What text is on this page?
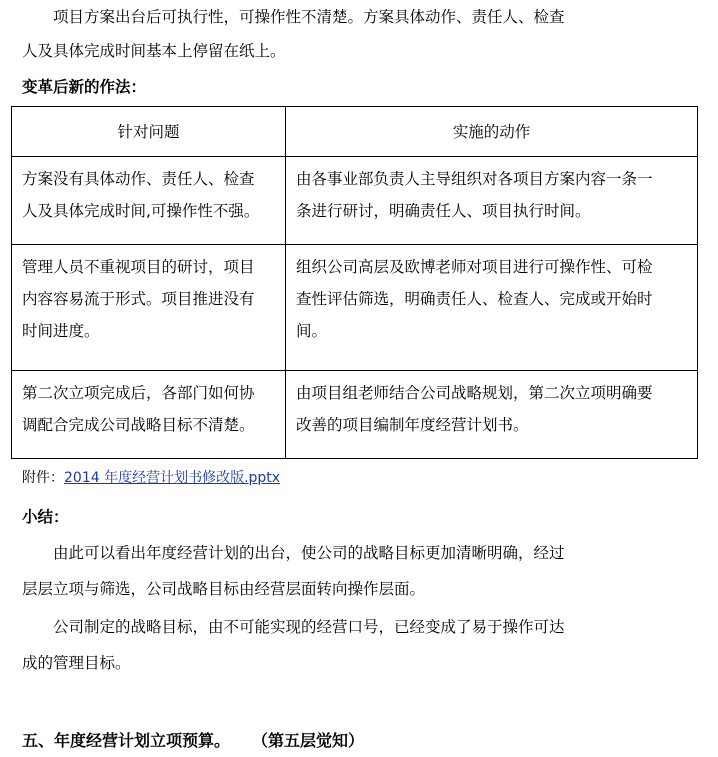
项目方案出台后可执行性，可操作性不清楚。方案具体动作、责任人、检查
人及具体完成时间基本上停留在纸上。
变革后新的作法：
针对问题	实施的动作

方案没有具体动作、责任人、检查
人及具体完成时间,可操作性不强。	由各事业部负责人主导组织对各项目方案内容一条一
条进行研讨，明确责任人、项目执行时间。

管理人员不重视项目的研讨，项目
内容容易流于形式。项目推进没有
时间进度。	组织公司高层及欧博老师对项目进行可操作性、可检
查性评估筛选，明确责任人、检查人、完成或开始时
间。

第二次立项完成后，各部门如何协
调配合完成公司战略目标不清楚。	由项目组老师结合公司战略规划，第二次立项明确要
改善的项目编制年度经营计划书。
附件：2014 年度经营计划书修改版.pptx
小结：
由此可以看出年度经营计划的出台，使公司的战略目标更加清晰明确，经过
层层立项与筛选，公司战略目标由经营层面转向操作层面。
公司制定的战略目标，由不可能实现的经营口号，已经变成了易于操作可达
成的管理目标。
五、年度经营计划立项预算。 （第五层觉知）
